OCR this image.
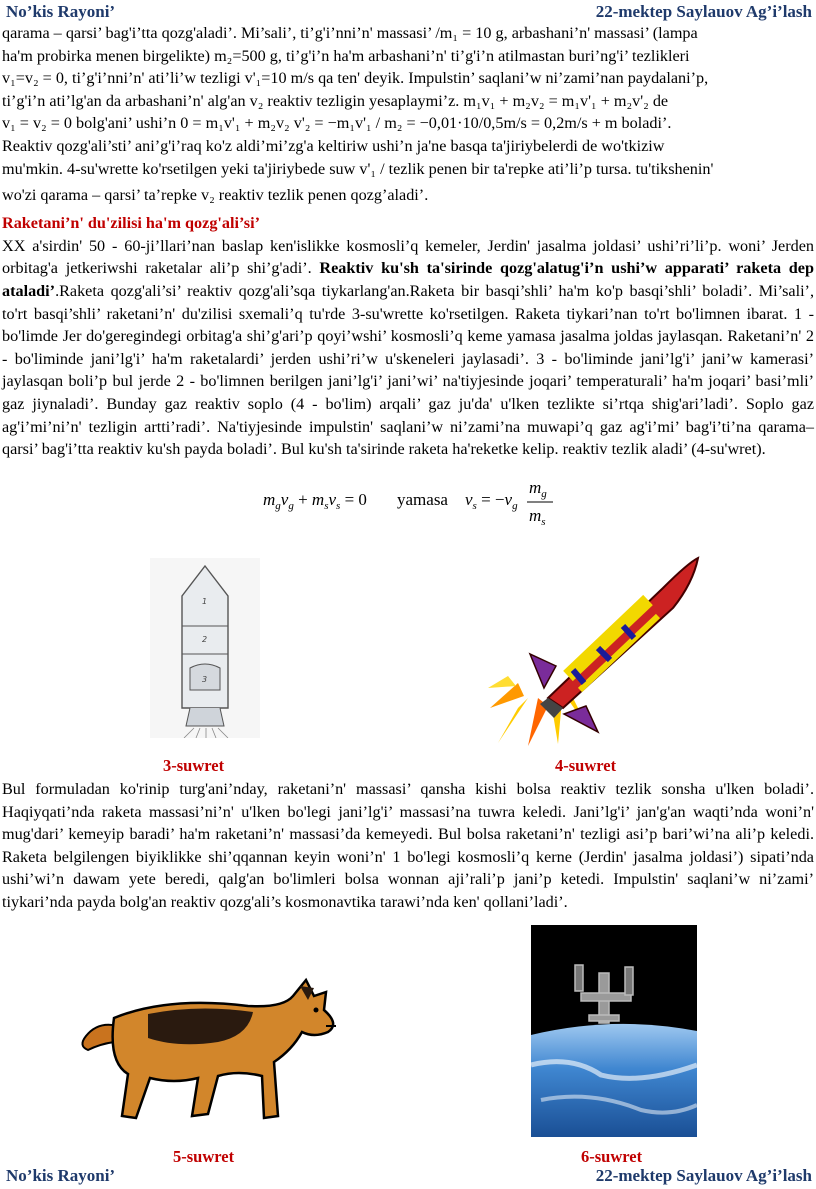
No’kis Rayoni’	22-mektep Saylauov Ag’i’lash

qarama – qarsi’ bag'i’tta qozg'aladi’. Mi’sali’, ti’g'i’nni’n' massasi’ /m₁ = 10 g, arbashani’n' massasi’ (lampa
ha'm probirka menen birgelikte) m₂=500 g, ti’g'i’n ha'm arbashani’n' ti’g'i’n atilmastan buri’ng'i’ tezlikleri
v₁=v₂ = 0, ti’g'i’nni’n' ati’li’w tezligi v'₁=10 m/s qa ten' deyik. Impulstin’ saqlani’w ni’zami’nan paydalani’p,
ti’g'i’n ati’lg'an da arbashani’n' alg'an v₂ reaktiv tezligin yesaplaymi’z. m₁v₁ + m₂v₂ = m₁v'₁ + m₂v'₂ de
v₁ = v₂ = 0 bolg'ani’ ushi’n 0 = m₁v'₁ + m₂v₂ v'₂ = −m₁v'₁ / m₂ = −0,01·10/0,5m/s = 0,2m/s + m boladi’.
Reaktiv qozg'ali’sti’ ani’g'i’raq ko'z aldi’mi’zg'a keltiriw ushi’n ja'ne basqa ta'jiriybelerdi de wo'tkiziw
mu'mkin. 4-su'wrette ko'rsetilgen yeki ta'jiriybede suw v'₁ / tezlik penen bir ta'repke ati’li’p tursa. tu'tikshenin'
wo'zi qarama – qarsi’ ta’repke v₂ reaktiv tezlik penen qozg’aladi’.

Raketani’n' du'zilisi ha'm qozg'ali’si’

XX a'sirdin' 50 - 60-ji’llari’nan baslap ken'islikke kosmosli’q kemeler, Jerdin' jasalma joldasi’ ushi’ri’li’p. woni’ Jerden orbitag'a jetkeriwshi raketalar ali’p shi’g'adi’. Reaktiv ku'sh ta'sirinde qozg'alatug'i’n ushi’w apparati’ raketa dep ataladi’.Raketa qozg'ali’si’ reaktiv qozg'ali’sqa tiykarlang'an.Raketa bir basqi’shli’ ha'm ko'p basqi’shli’ boladi’. Mi’sali’, to'rt basqi’shli’ raketani’n' du'zilisi sxemali’q tu'rde 3-su'wrette ko'rsetilgen. Raketa tiykari’nan to'rt bo'limnen ibarat. 1 - bo'limde Jer do'geregindegi orbitag'a shi’g'ari’p qoyi’wshi’ kosmosli’q keme yamasa jasalma joldas jaylasqan. Raketani’n' 2 - bo'liminde jani’lg'i’ ha'm raketalardi’ jerden ushi’ri’w u'skeneleri jaylasadi’. 3 - bo'liminde jani’lg'i’ jani’w kamerasi’ jaylasqan boli’p bul jerde 2 - bo'limnen berilgen jani’lg'i’ jani’wi’ na'tiyjesinde joqari’ temperaturali’ ha'm joqari’ basi’mli’ gaz jiynaladi’. Bunday gaz reaktiv soplo (4 - bo'lim) arqali’ gaz ju'da' u'lken tezlikte si’rtqa shig'ari’ladi’. Soplo gaz ag'i’mi’ni’n' tezligin artti’radi’. Na'tiyjesinde impulstin' saqlani’w ni’zami’na muwapi’q gaz ag'i’mi’ bag'i’ti’na qarama– qarsi’ bag'i’tta reaktiv ku'sh payda boladi’. Bul ku'sh ta'sirinde raketa ha'reketke kelip. reaktiv tezlik aladi’ (4-su'wret).

$m_gv_g + m_sv_s = 0$ yamasa $v_s = -v_g$
$m_g$
$m_s$
1
2
3
3-suwret	4-suwret

Bul formuladan ko'rinip turg'ani’nday, raketani’n' massasi’ qansha kishi bolsa reaktiv tezlik sonsha u'lken boladi’. Haqiyqati’nda raketa massasi’ni’n' u'lken bo'legi jani’lg'i’ massasi’na tuwra keledi. Jani’lg'i’ jan'g'an waqti’nda woni’n' mug'dari’ kemeyip baradi’ ha'm raketani’n' massasi’da kemeyedi. Bul bolsa raketani’n' tezligi asi’p bari’wi’na ali’p keledi. Raketa belgilengen biyiklikke shi’qqannan keyin woni’n' 1 bo'legi kosmosli’q kerne (Jerdin' jasalma joldasi’) sipati’nda ushi’wi’n dawam yete beredi, qalg'an bo'limleri bolsa wonnan aji’rali’p jani’p ketedi. Impulstin' saqlani’w ni’zami’ tiykari’nda payda bolg'an reaktiv qozg'ali’s kosmonavtika tarawi’nda ken' qollani’ladi’.

5-suwret	6-suwret
No’kis Rayoni’	22-mektep Saylauov Ag’i’lash
